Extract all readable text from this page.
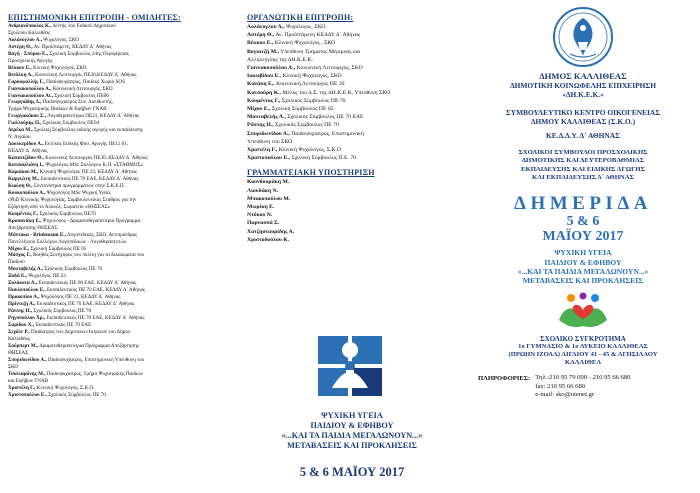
ΕΠΙΣΤΗΜΟΝΙΚΗ ΕΠΙΤΡΟΠΗ - ΟΜΙΛΗΤΕΣ:
Ανδριανόπουλος Κ., Δ/ντής 1ου Ειδικού Δημοτικού
Σχολείου Καλλιθέας
Αολάνογλου Α., Ψυχολόγος, ΣΚΟ
Αστέρη Θ., Αν. Προϊστάμενη, ΚΕΔΔΥ Δ΄ Αθήνας
Βαγή - Σπύρου Ε., Σχολική Σύμβουλος 24ης Περιφέρειας
Προσχολικής Αγωγής
Βέκκου Ε., Κλινική Ψυχολόγος, ΣΚΟ
Βιτάλκη Α., Κοινωνική Λειτουργός ΠΕ30,ΚΕΔΔΥ Δ΄ Αθήνας
Γαρουφαλλής Γ., Παιδοψυχίατρος, Παιδικό Χωριό SOS
Γιαννακοπούλου Α., Κοινωνική Λειτουργός, ΣΚΟ
Γιαννακοπούλου Αι., Σχολική Σύμβουλος ΠΕ06
Γεωργιάδης Δ., Παιδοψυχίατρος Συν. Διευθυντής,
Τμήμα Ψυχιατρικής Παιδιών & Εφήβων ΓΝΑΒ
Γεωργακάκου Σ., Λογοθεραπεύτρια ΠΕ21, ΚΕΔΔΥ Δ΄ Αθήνας
Γιαλλούρης Π., Σχολικός Σύμβουλος ΠΕ04
Δερέκα Μ., Σχολική Σύμβουλος ειδικής αγωγής και εκπαίδευσης
Ν. Αιγαίου
Δουλκερίδου Α., Εκπ/κός Ειδικής Φυσ. Αγωγής ΠΕ11.01,
ΚΕΔΔΥ Δ΄ Αθήνας
Καπανιζίδου Θ., Κοινωνική Λειτουργός ΠΕ30, ΚΕΔΔΥ Δ΄ Αθήνας
Κατσαφλιάνη Ι., Ψυχολόγος MSc Συλλόγου Κ.Π. «ΣΤΑΘΜΟΣ»
Κοραϊκου Μ., Κλινική Ψυχολόγος ΠΕ 23, ΚΕΔΔΥ Δ΄ Αθήνας
Καργιώτη Μ., Εκπαιδευτικός ΠΕ 70 ΕΑΕ, ΚΕΔΔΥ Δ΄ Αθήνας
Κιούση Θ., Συντονίστρια προγραμμάτων στην Σ.Κ.Ε.Π.
Κουκοπούλου Α., Ψυχολόγος MSc Ψυχική Υγεία,
cPhD Κλινικής Ψυχολογίας, Συμβουλευτικός Σταθμός για την
Εξάρτηση από το Αλκοόλ, Σωματείο «ΘΗΣΕΑΣ»
Κουμέντος Γ., Σχολικός Σύμβουλος ΠΕ70
Κρασανάκη Ε., Ψυχολόγος - Δραματοθεραπεύτρια Πρόγραμμα
Απεξάρτησης ΘΗΣΕΑΣ
Μάντακα - Brinkmann Ε., Λογοπεδικός, ΣΚΟ, Αντιπρόεδρος
Πανελλήνιου Συλλόγου Λογοπεδικών - Λογοθεραπευτών.
Μίχου Ε., Σχολική Σύμβουλος ΠΕ 05
Μόσχος Γ., Βοηθός Συνήγορος του πολίτη για τα Δικαιώματα του
Παιδιού
Μουταβελής Α., Σχολικός Σύμβουλος ΠΕ 70
Ξυδά Ε., Ψυχολόγος ΠΕ 23
Ξυλόκοτα Α., Εκπαιδευτικός ΠΕ 60 ΕΑΕ, ΚΕΔΔΥ Δ΄ Αθήνας
Παυλοπούλου Ε., Εκπαιδευτικός ΠΕ 70 ΕΑΕ, ΚΕΔΔΥ Δ΄ Αθήνας
Προκοπίου Α., Ψυχολόγος ΠΕ 23, ΚΕΔΔΥ Δ΄ Αθήνας
Πρίντεζη Α., Εκπαιδευτικός ΠΕ 70 ΕΑΕ, ΚΕΔΔΥ Δ΄ Αθήνας
Ράπτης Π., Σχολικός Σύμβουλος ΠΕ 70
Ρηγοπούλου Χρ., Εκπαιδευτικός ΠΕ 70 ΕΑΕ, ΚΕΔΔΥ Δ΄ Αθήνας
Σαρίδου Χ., Εκπαιδευτικός ΠΕ 70 ΕΑΕ
Σεχάτε Ρ., Παιδίατρος των Δημοτικών Ιατρείων του Δήμου
Καλλιθέας
Σούμπερτ Μ., Δραματοθεραπεύτρια Πρόγραμμα Απεξάρτησης
ΘΗΣΕΑΣ
Σπυριδωνίδου Α., Παιδοψυχίατρος, Επιστημονική Υπεύθυνη του
ΣΚΟ
Τσαλιαμάνης Μ., Παιδοψυχίατρος, Τμήμα Ψυχιατρικής Παιδιών
και Εφήβων ΓΝΑΒ
Χριστέλη Γ., Κλινική Ψυχολόγος, Σ.Κ.Ο.
Χριστοπούλου Ε., Σχολικός Σύμβουλος ΠΕ 70
ΟΡΓΑΝΩΤΙΚΗ ΕΠΙΤΡΟΠΗ:
Αολάνογλου Α., Ψυχολόγος, ΣΚΟ
Αστέρη Θ., Αν. Προϊστάμενη ΚΕΔΔΥ Δ΄ Αθήνας
Βέκκου Ε., Κλινική Ψυχολόγος , ΣΚΟ
Βογιατζή Μ., Υπεύθυνη Τμήματος Μέριμνας και
Αλληλεγγύης της ΔΗ.Κ.Ε.Κ.
Γιαννακοπούλου Α., Κοινωνική Λειτουργός, ΣΚΟ
Ιακωβίδου Ε., Κλινική Ψυχολόγος, ΣΚΟ
Κανάκη Ε., Κοινωνική Λειτουργός ΠΕ 30
Κατσούρη Κ., Μέλος του Δ.Σ. της ΔΗ.Κ.Ε.Κ, Υπεύθυνη ΣΚΟ
Κουμέντος Γ., Σχολικός Σύμβουλος ΠΕ 70
Μίχου Ε., Σχολική Σύμβουλος ΠΕ 05
Μουταβελής Α., Σχολικός Σύμβουλος ΠΕ 70 ΕΑΕ
Ράπτης Π., Σχολικός Σύμβουλος ΠΕ 70
Σπυριδωνίδου Α., Παιδοψυχίατρος, Επιστημονική
Υπεύθυνη του ΣΚΟ
Χριστέλη Γ., Κλινική Ψυχολόγος, Σ.Κ.Ο
Χριστοπούλου Ε., Σχολική Σύμβουλος Π.Ε. 70
ΓΡΑΜΜΑΤΕΙΑΚΗ ΥΠΟΣΤΗΡΙΞΗ
Κουνδουράκη Μ.
Λιουδάκη Ν.
Μπακοπούλου Μ.
Μωρίκη Ε.
Ντόκου Ν.
Παρνασσά Σ.
Χατζησταυρίδης Α.
Χριστοδούλου Κ.
ΨΥΧΙΚΗ ΥΓΕΙΑ
ΠΑΙΔΙΟΥ & ΕΦΗΒΟΥ
«...ΚΑΙ ΤΑ ΠΑΙΔΙΑ ΜΕΓΑΛΩΝΟΥΝ...»
ΜΕΤΑΒΑΣΕΙΣ ΚΑΙ ΠΡΟΚΛΗΣΕΙΣ
5 & 6 ΜΑΪΟΥ 2017
ΔΗΜΟΣ ΚΑΛΛΙΘΕΑΣ
ΔΗΜΟΤΙΚΗ ΚΟΙΝΩΦΕΛΗΣ ΕΠΙΧΕΙΡΗΣΗ
«ΔΗ.Κ.Ε.Κ.»
ΣΥΜΒΟΥΛΕΥΤΙΚΟ ΚΕΝΤΡΟ ΟΙΚΟΓΕΝΕΙΑΣ
ΔΗΜΟΥ ΚΑΛΛΙΘΕΑΣ (Σ.Κ.Ο.)
ΚΕ.Δ.Δ.Υ. Δ΄ ΑΘΗΝΑΣ
ΣΧΟΛΙΚΟΙ ΣΥΜΒΟΥΛΟΙ ΠΡΟΣΧΟΛΙΚΗΣ
ΔΗΜΟΤΙΚΗΣ ΚΑΙ ΔΕΥΤΕΡΟΒΑΘΜΙΑΣ
ΕΚΠΑΙΔΕΥΣΗΣ ΚΑΙ ΕΙΔΙΚΗΣ ΑΓΩΓΗΣ
ΚΑΙ ΕΚΠΑΙΔΕΥΣΗΣ Δ΄ ΑΘΗΝΑΣ
ΔΗΜΕΡΙΔΑ
5 & 6
ΜΑΪΟΥ 2017
ΨΥΧΙΚΗ ΥΓΕΙΑ
ΠΑΙΔΙΟΥ & ΕΦΗΒΟΥ
«...ΚΑΙ ΤΑ ΠΑΙΔΙΑ ΜΕΓΑΛΩΝΟΥΝ...»
ΜΕΤΑΒΑΣΕΙΣ ΚΑΙ ΠΡΟΚΛΗΣΕΙΣ
ΣΧΟΛΙΚΟ ΣΥΓΚΡΟΤΗΜΑ
1ο ΓΥΜΝΑΣΙΟ & 1ο ΛΥΚΕΙΟ ΚΑΛΛΙΘΕΑΣ
(ΠΡΩΗΝ ΙΖΟΛΑ) ΑΙΓΑΙΟΥ 41 - 45 & ΑΓΗΣΙΛΑΟΥ
ΚΑΛΛΙΘΕΑ
ΠΛΗΡΟΦΟΡΙΕΣ: Τηλ.:210 95 79 090 - 210 95 66 680
fax: 210 95 66 680
e-mail: sko@otenet.gr
